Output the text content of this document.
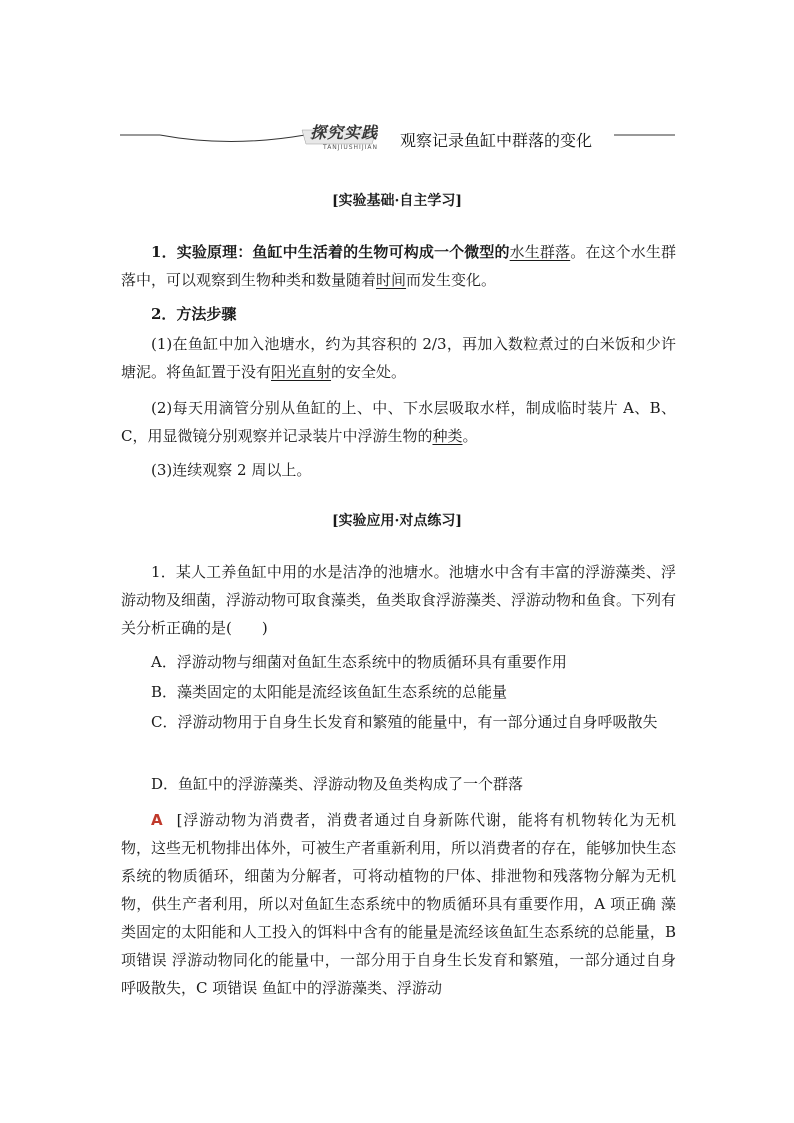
探究实践
TANJIUSHIJIAN	观察记录鱼缸中群落的变化
[实验基础·自主学习]
1．实验原理：鱼缸中生活着的生物可构成一个微型的水生群落。在这个水生群落中，可以观察到生物种类和数量随着时间而发生变化。
2．方法步骤
(1)在鱼缸中加入池塘水，约为其容积的 2/3，再加入数粒煮过的白米饭和少许塘泥。将鱼缸置于没有阳光直射的安全处。
(2)每天用滴管分别从鱼缸的上、中、下水层吸取水样，制成临时装片 A、B、C，用显微镜分别观察并记录装片中浮游生物的种类。
(3)连续观察 2 周以上。
[实验应用·对点练习]
1．某人工养鱼缸中用的水是洁净的池塘水。池塘水中含有丰富的浮游藻类、浮游动物及细菌，浮游动物可取食藻类，鱼类取食浮游藻类、浮游动物和鱼食。下列有关分析正确的是(　　)
A．浮游动物与细菌对鱼缸生态系统中的物质循环具有重要作用
B．藻类固定的太阳能是流经该鱼缸生态系统的总能量
C．浮游动物用于自身生长发育和繁殖的能量中，有一部分通过自身呼吸散失
D．鱼缸中的浮游藻类、浮游动物及鱼类构成了一个群落
A [浮游动物为消费者，消费者通过自身新陈代谢，能将有机物转化为无机物，这些无机物排出体外，可被生产者重新利用，所以消费者的存在，能够加快生态系统的物质循环，细菌为分解者，可将动植物的尸体、排泄物和残落物分解为无机物，供生产者利用，所以对鱼缸生态系统中的物质循环具有重要作用，A 项正确 藻类固定的太阳能和人工投入的饵料中含有的能量是流经该鱼缸生态系统的总能量，B 项错误 浮游动物同化的能量中，一部分用于自身生长发育和繁殖，一部分通过自身呼吸散失，C 项错误 鱼缸中的浮游藻类、浮游动
